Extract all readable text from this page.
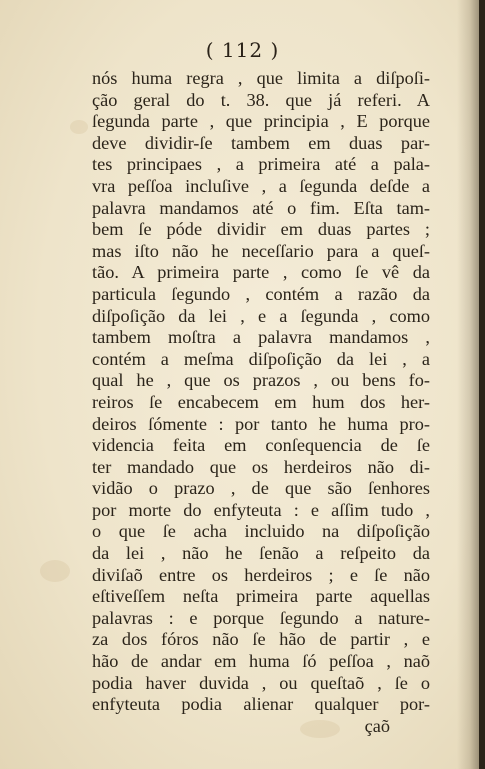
( 112 )
nós huma regra , que limita a diſpoſi-
ção geral do t. 38. que já referi. A
ſegunda parte , que principia , E porque
deve dividir-ſe tambem em duas par-
tes principaes , a primeira até a pala-
vra peſſoa incluſive , a ſegunda deſde a
palavra mandamos até o fim. Eſta tam-
bem ſe póde dividir em duas partes ;
mas iſto não he neceſſario para a queſ-
tão. A primeira parte , como ſe vê da
particula ſegundo , contém a razão da
diſpoſição da lei , e a ſegunda , como
tambem moſtra a palavra mandamos ,
contém a meſma diſpoſição da lei , a
qual he , que os prazos , ou bens fo-
reiros ſe encabecem em hum dos her-
deiros ſómente : por tanto he huma pro-
videncia feita em conſequencia de ſe
ter mandado que os herdeiros não di-
vidão o prazo , de que são ſenhores
por morte do enfyteuta : e aſſim tudo ,
o que ſe acha incluido na diſpoſição
da lei , não he ſenão a reſpeito da
diviſaõ entre os herdeiros ; e ſe não
eſtiveſſem neſta primeira parte aquellas
palavras : e porque ſegundo a nature-
za dos fóros não ſe hão de partir , e
hão de andar em huma ſó peſſoa , naõ
podia haver duvida , ou queſtaõ , ſe o
enfyteuta podia alienar qualquer por-
çaõ
